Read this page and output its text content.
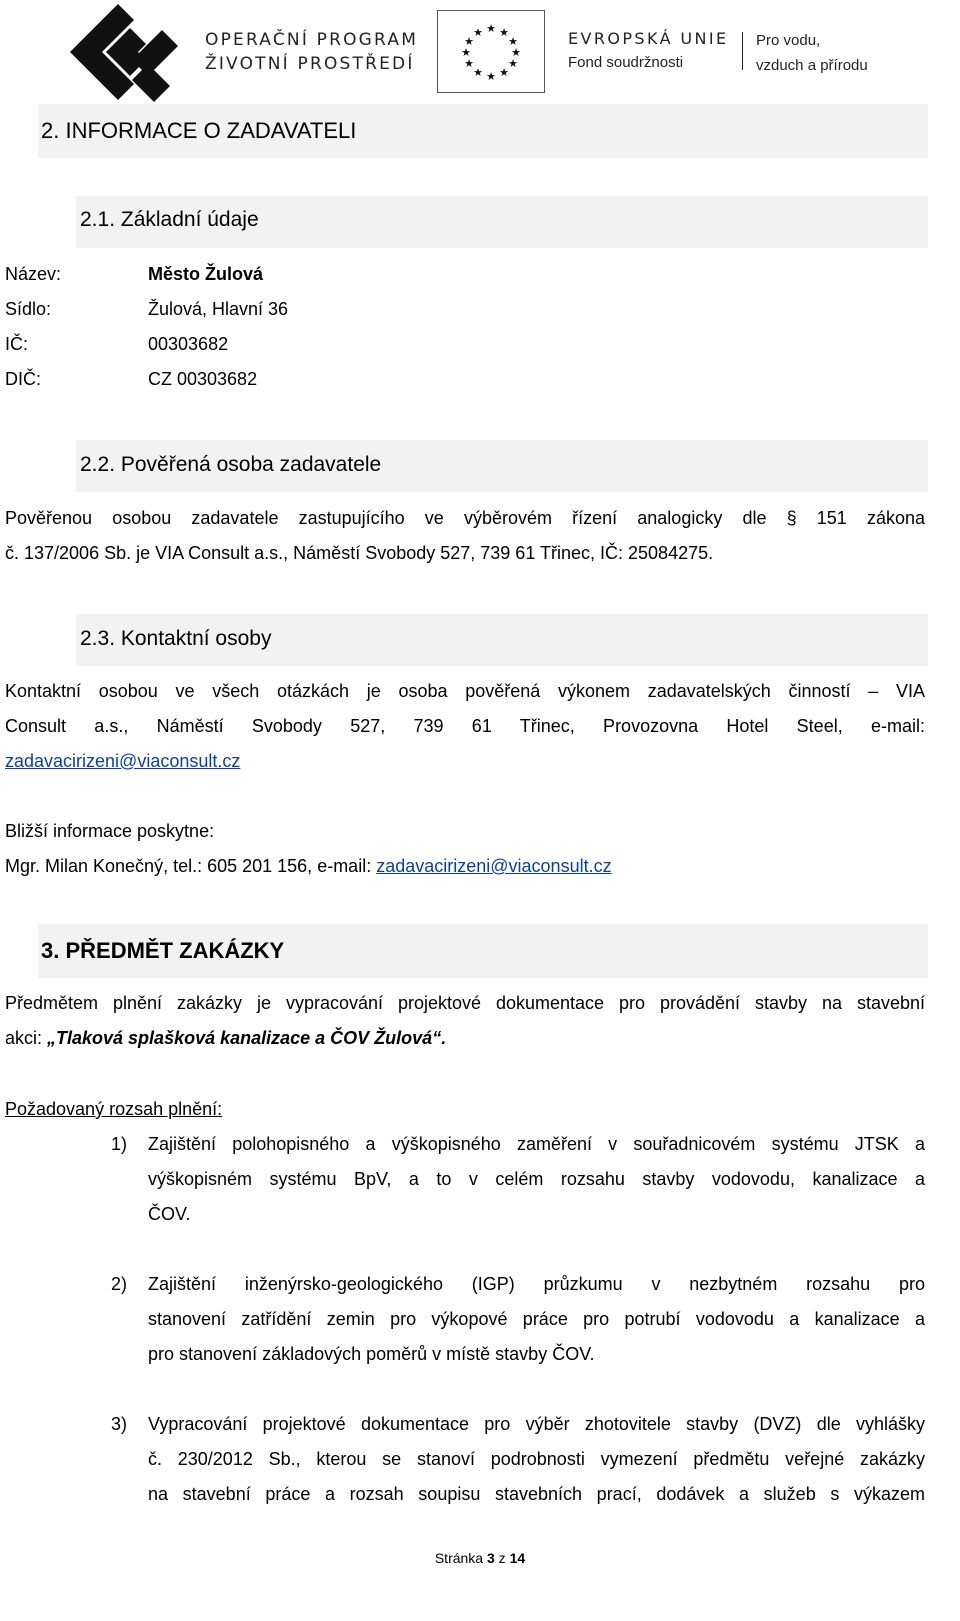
OPERAČNÍ PROGRAM
ŽIVOTNÍ PROSTŘEDÍ
★ ★
★
★
★
★
★
★
★
★
★
★	EVROPSKÁ UNIE
Fond soudržnosti
Pro vodu,
vzduch a přírodu
2. INFORMACE O ZADAVATELI
2.1. Základní údaje
Název:	Město Žulová
Sídlo:	Žulová, Hlavní 36
IČ:	00303682
DIČ:	CZ 00303682
2.2. Pověřená osoba zadavatele
Pověřenou osobou zadavatele zastupujícího ve výběrovém řízení analogicky dle § 151 zákona
č. 137/2006 Sb. je VIA Consult a.s., Náměstí Svobody 527, 739 61 Třinec, IČ: 25084275.
2.3. Kontaktní osoby
Kontaktní osobou ve všech otázkách je osoba pověřená výkonem zadavatelských činností – VIA
Consult a.s., Náměstí Svobody 527, 739 61 Třinec, Provozovna Hotel Steel, e-mail:
zadavacirizeni@viaconsult.cz
Bližší informace poskytne:
Mgr. Milan Konečný, tel.: 605 201 156, e-mail: zadavacirizeni@viaconsult.cz
3. PŘEDMĚT ZAKÁZKY
Předmětem plnění zakázky je vypracování projektové dokumentace pro provádění stavby na stavební
akci: „Tlaková splašková kanalizace a ČOV Žulová“.
Požadovaný rozsah plnění:
1) Zajištění polohopisného a výškopisného zaměření v souřadnicovém systému JTSK a
výškopisném systému BpV, a to v celém rozsahu stavby vodovodu, kanalizace a
ČOV.
2) Zajištění inženýrsko-geologického (IGP) průzkumu v nezbytném rozsahu pro
stanovení zatřídění zemin pro výkopové práce pro potrubí vodovodu a kanalizace a
pro stanovení základových poměrů v místě stavby ČOV.
3) Vypracování projektové dokumentace pro výběr zhotovitele stavby (DVZ) dle vyhlášky
č. 230/2012 Sb., kterou se stanoví podrobnosti vymezení předmětu veřejné zakázky
na stavební práce a rozsah soupisu stavebních prací, dodávek a služeb s výkazem
Stránka 3 z 14
